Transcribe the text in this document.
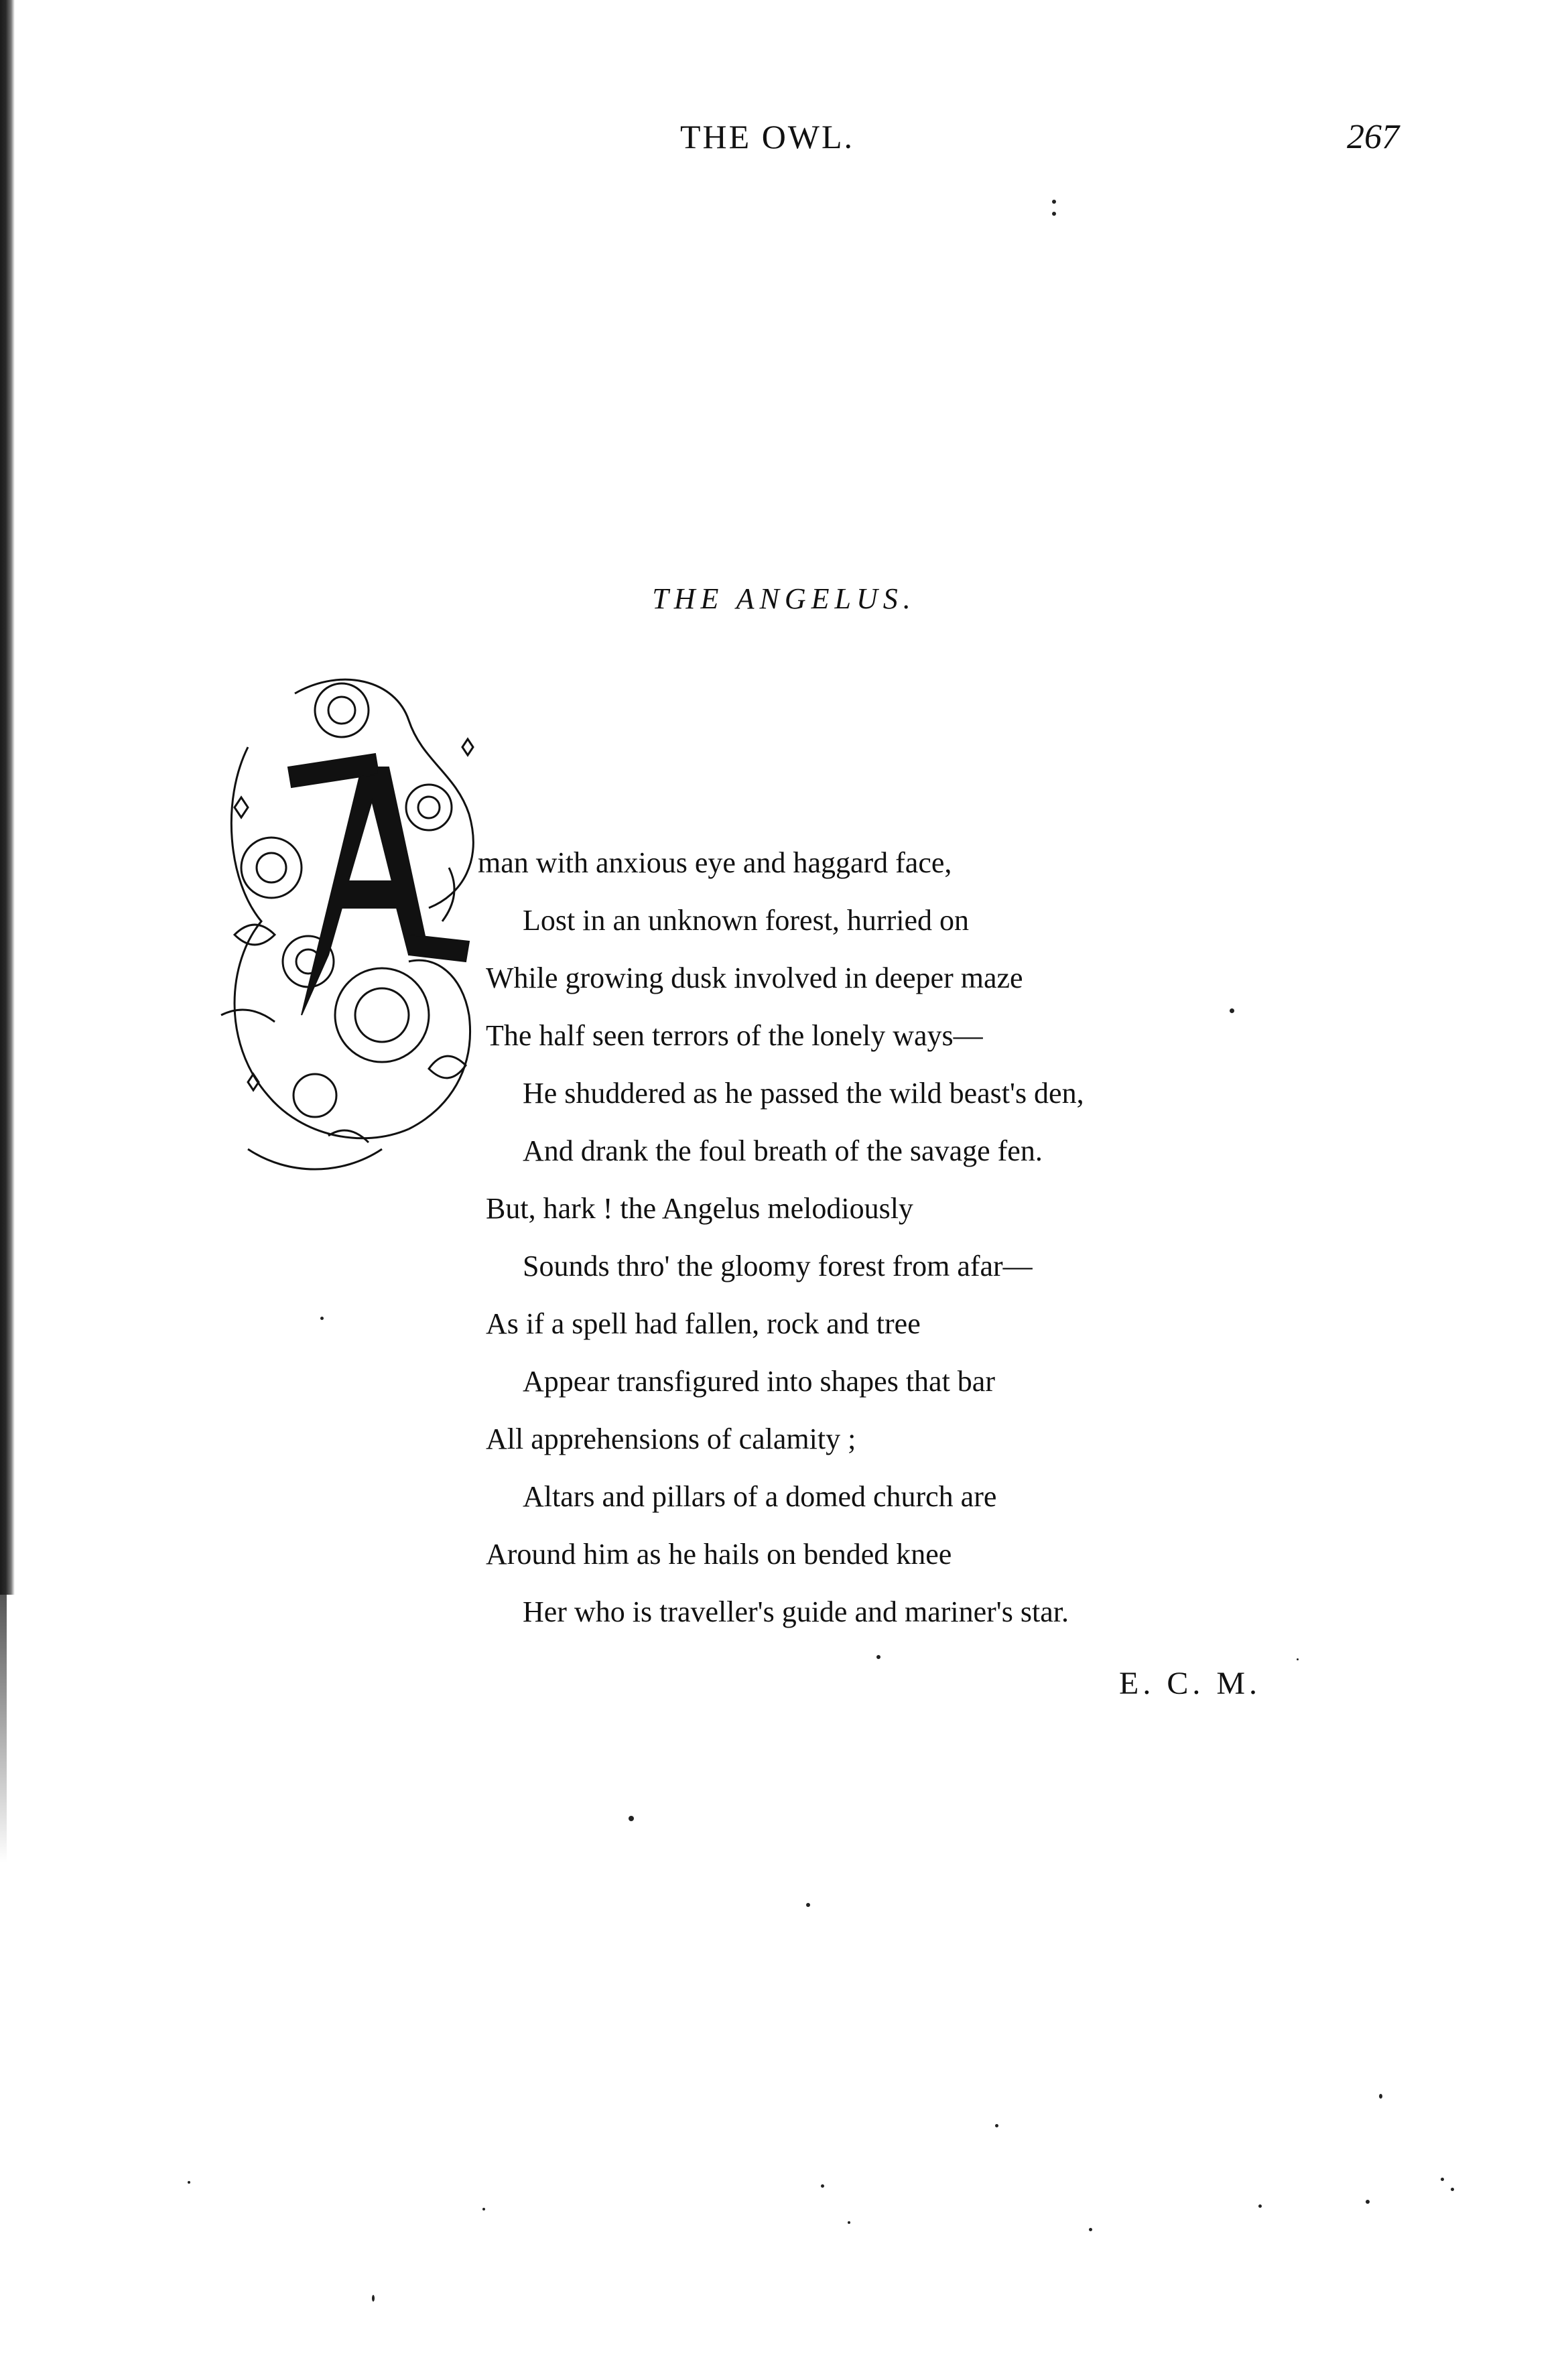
THE OWL.	267
THE ANGELUS.
A	man with anxious eye and haggard face,
Lost in an unknown forest, hurried on
While growing dusk involved in deeper maze
The half seen terrors of the lonely ways—
He shuddered as he passed the wild beast's den,
And drank the foul breath of the savage fen.
But, hark ! the Angelus melodiously
Sounds thro' the gloomy forest from afar—
As if a spell had fallen, rock and tree
Appear transfigured into shapes that bar
All apprehensions of calamity ;
Altars and pillars of a domed church are
Around him as he hails on bended knee
Her who is traveller's guide and mariner's star.
E. C. M.
